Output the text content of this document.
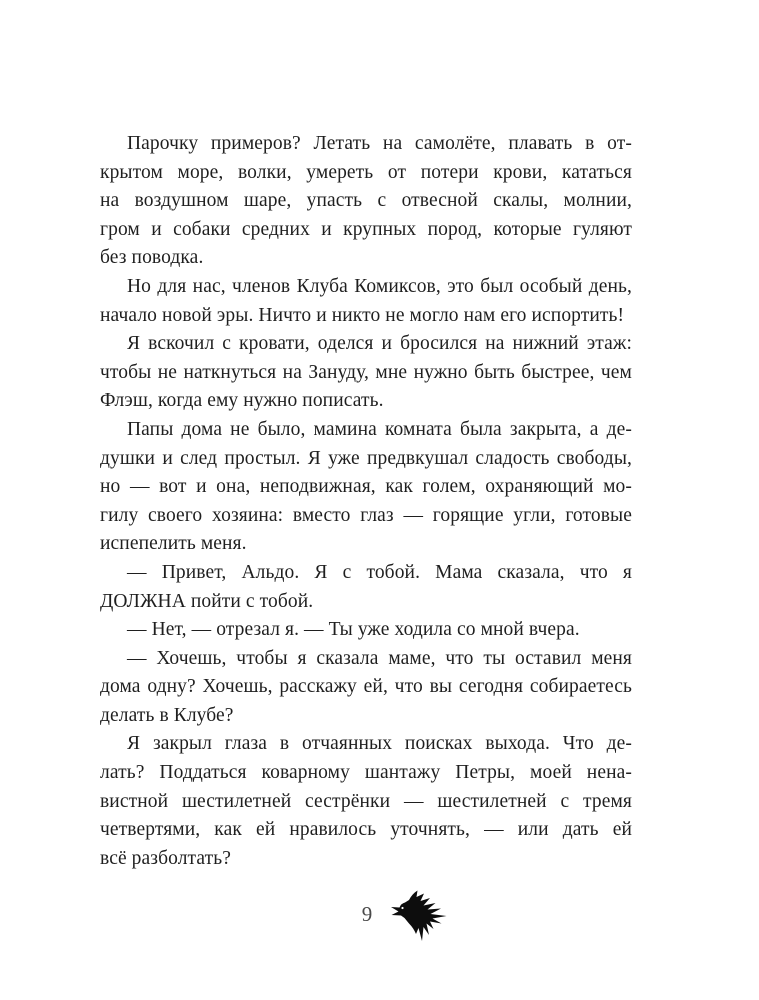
Парочку примеров? Летать на самолёте, плавать в от-
крытом море, волки, умереть от потери крови, кататься
на воздушном шаре, упасть с отвесной скалы, молнии,
гром и собаки средних и крупных пород, которые гуляют
без поводка.

Но для нас, членов Клуба Комиксов, это был особый день,
начало новой эры. Ничто и никто не могло нам его испортить!

Я вскочил с кровати, оделся и бросился на нижний этаж:
чтобы не наткнуться на Зануду, мне нужно быть быстрее, чем
Флэш, когда ему нужно пописать.

Папы дома не было, мамина комната была закрыта, а де-
душки и след простыл. Я уже предвкушал сладость свободы,
но — вот и она, неподвижная, как голем, охраняющий мо-
гилу своего хозяина: вместо глаз — горящие угли, готовые
испепелить меня.

— Привет, Альдо. Я с тобой. Мама сказала, что я
ДОЛЖНА пойти с тобой.

— Нет, — отрезал я. — Ты уже ходила со мной вчера.

— Хочешь, чтобы я сказала маме, что ты оставил меня
дома одну? Хочешь, расскажу ей, что вы сегодня собираетесь
делать в Клубе?

Я закрыл глаза в отчаянных поисках выхода. Что де-
лать? Поддаться коварному шантажу Петры, моей нена-
вистной шестилетней сестрёнки — шестилетней с тремя
четвертями, как ей нравилось уточнять, — или дать ей
всё разболтать?

9
